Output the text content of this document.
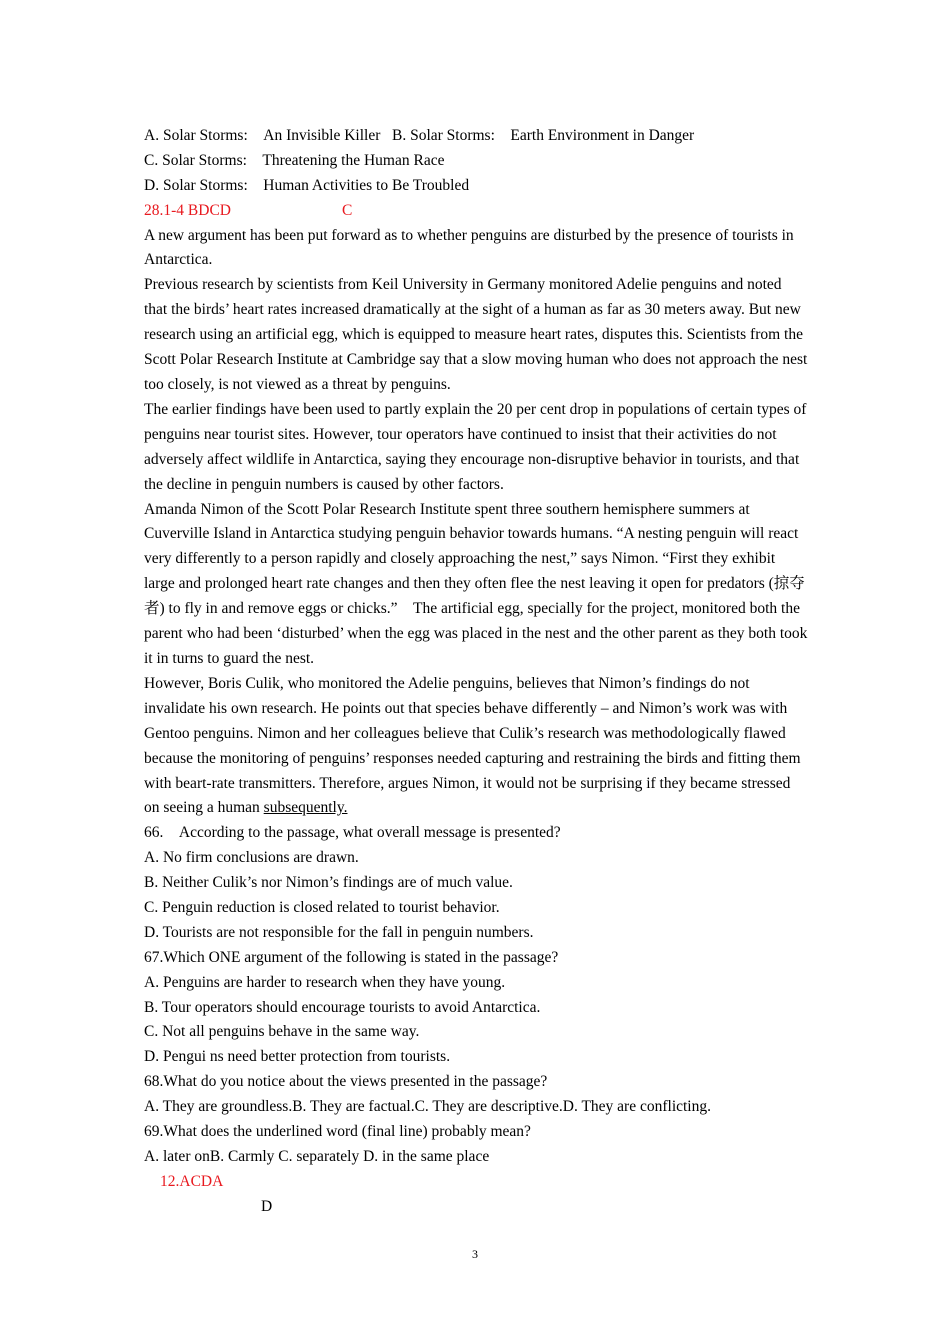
A. Solar Storms:    An Invisible Killer   B. Solar Storms:    Earth Environment in Danger
C. Solar Storms:    Threatening the Human Race
D. Solar Storms:    Human Activities to Be Troubled
28.1-4 BDCD	C
A new argument has been put forward as to whether penguins are disturbed by the presence of tourists in Antarctica.
Previous research by scientists from Keil University in Germany monitored Adelie penguins and noted that the birds’ heart rates increased dramatically at the sight of a human as far as 30 meters away. But new research using an artificial egg, which is equipped to measure heart rates, disputes this. Scientists from the Scott Polar Research Institute at Cambridge say that a slow moving human who does not approach the nest too closely, is not viewed as a threat by penguins.
The earlier findings have been used to partly explain the 20 per cent drop in populations of certain types of penguins near tourist sites. However, tour operators have continued to insist that their activities do not adversely affect wildlife in Antarctica, saying they encourage non-disruptive behavior in tourists, and that the decline in penguin numbers is caused by other factors.
Amanda Nimon of the Scott Polar Research Institute spent three southern hemisphere summers at Cuverville Island in Antarctica studying penguin behavior towards humans. “A nesting penguin will react very differently to a person rapidly and closely approaching the nest,” says Nimon. “First they exhibit large and prolonged heart rate changes and then they often flee the nest leaving it open for predators (掠夺者) to fly in and remove eggs or chicks.”    The artificial egg, specially for the project, monitored both the parent who had been ‘disturbed’ when the egg was placed in the nest and the other parent as they both took it in turns to guard the nest.
However, Boris Culik, who monitored the Adelie penguins, believes that Nimon’s findings do not invalidate his own research. He points out that species behave differently – and Nimon’s work was with Gentoo penguins. Nimon and her colleagues believe that Culik’s research was methodologically flawed because the monitoring of penguins’ responses needed capturing and restraining the birds and fitting them with beart-rate transmitters. Therefore, argues Nimon, it would not be surprising if they became stressed on seeing a human subsequently.
66.    According to the passage, what overall message is presented?
A. No firm conclusions are drawn.
B. Neither Culik’s nor Nimon’s findings are of much value.
C. Penguin reduction is closed related to tourist behavior.
D. Tourists are not responsible for the fall in penguin numbers.
67.Which ONE argument of the following is stated in the passage?
A. Penguins are harder to research when they have young.
B. Tour operators should encourage tourists to avoid Antarctica.
C. Not all penguins behave in the same way.
D. Pengui ns need better protection from tourists.
68.What do you notice about the views presented in the passage?
A. They are groundless.B. They are factual.C. They are descriptive.D. They are conflicting.
69.What does the underlined word (final line) probably mean?
A. later onB. Carmly C. separately D. in the same place
12.ACDA
D
3
